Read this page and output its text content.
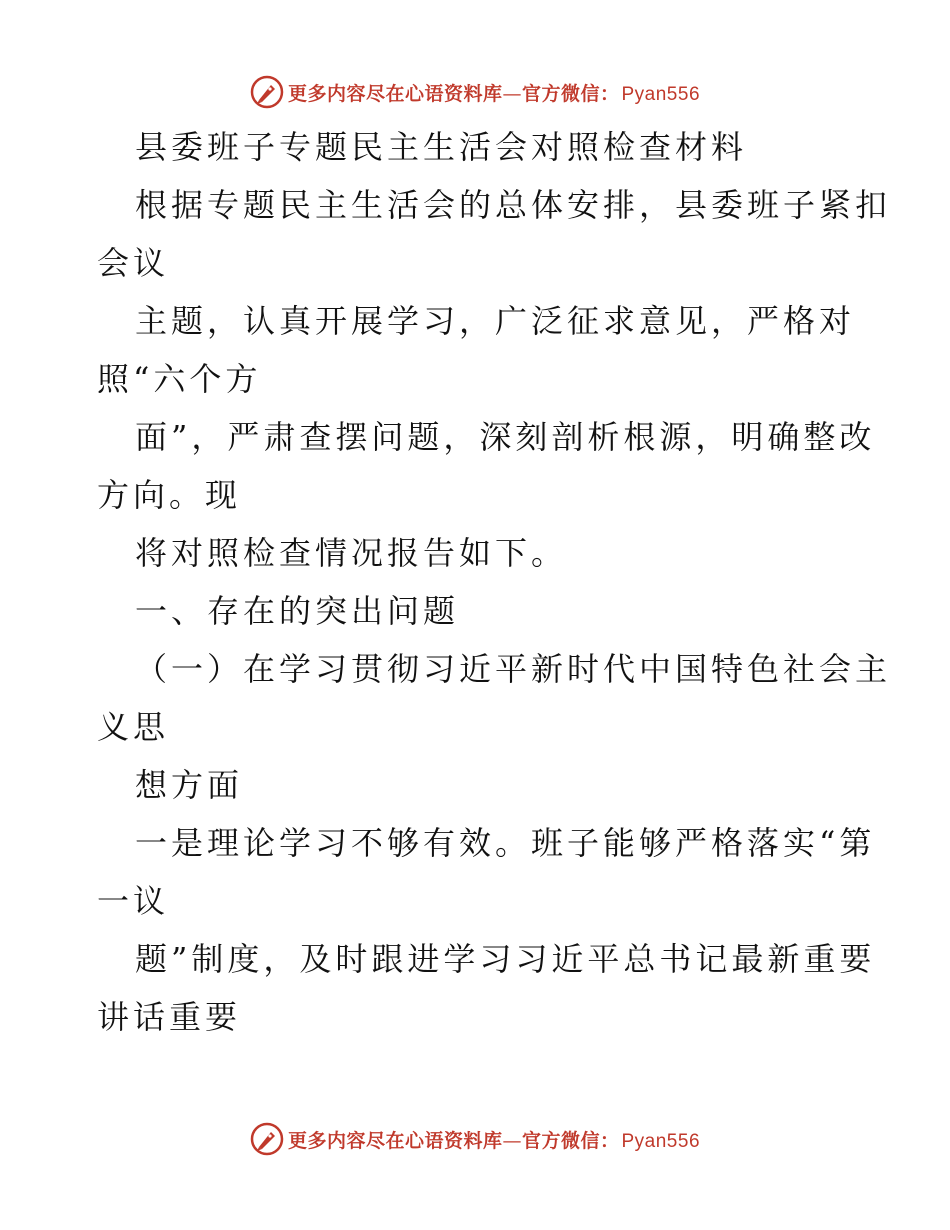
更多内容尽在心语资料库—官方微信： Pyan556
县委班子专题民主生活会对照检查材料
根据专题民主生活会的总体安排，县委班子紧扣
会议
主题，认真开展学习，广泛征求意见，严格对
照“六个方
面”，严肃查摆问题，深刻剖析根源，明确整改
方向。现
将对照检查情况报告如下。
一、存在的突出问题
（一）在学习贯彻习近平新时代中国特色社会主
义思
想方面
一是理论学习不够有效。班子能够严格落实“第
一议
题”制度，及时跟进学习习近平总书记最新重要
讲话重要
更多内容尽在心语资料库—官方微信： Pyan556
